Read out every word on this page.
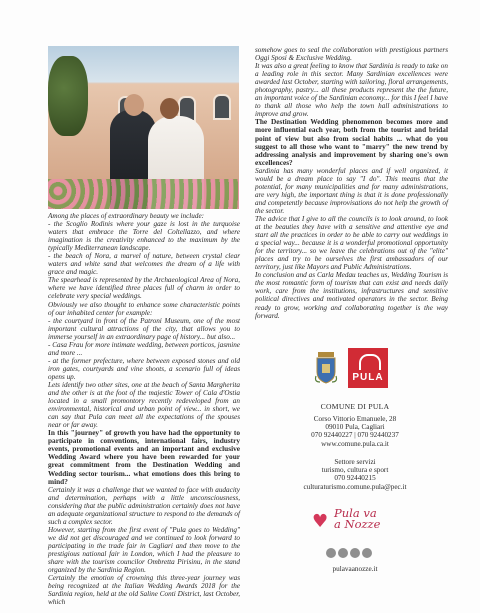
Among the places of extraordinary beauty we include:
- the Scoglio Rodinis where your gaze is lost in the turquoise waters that embrace the Torre del Coltellazzo, and where imagination is the creativity enhanced to the maximum by the typically Mediterranean landscape.

- the beach of Nora, a marvel of nature, between crystal clear waters and white sand that welcomes the dream of a life with grace and magic.

The spearhead is represented by the Archaeological Area of Nora, where we have identified three places full of charm in order to celebrate very special weddings.

Obviously we also thought to enhance some characteristic points of our inhabited center for example:

- the courtyard in front of the Patroni Museum, one of the most important cultural attractions of the city, that allows you to immerse yourself in an extraordinary page of history... but also...

- Casa Frau for more intimate wedding, between porticos, jasmine and more ...

- at the former prefecture, where between exposed stones and old iron gates, courtyards and vine shoots, a scenario full of ideas opens up.

Lets identify two other sites, one at the beach of Santa Margherita and the other is at the foot of the majestic Tower of Cala d'Ostia located in a small promontory recently redeveloped from an environmental, historical and urban point of view... in short, we can say that Pula can meet all the expectations of the spouses near or far away.

In this "journey" of growth you have had the opportunity to participate in conventions, international fairs, industry events, promotional events and an important and exclusive Wedding Award where you have been rewarded for your great commitment from the Destination Wedding and Wedding sector tourism... what emotions does this bring to mind?

Certainly it was a challenge that we wanted to face with audacity and determination, perhaps with a little unconsciousness, considering that the public administration certainly does not have an adequate organizational structure to respond to the demands of such a complex sector.

However, starting from the first event of "Pula goes to Wedding" we did not get discouraged and we continued to look forward to participating in the trade fair in Cagliari and then move to the prestigious national fair in London, which I had the pleasure to share with the tourism councilor Ombretta Pirisinu, in the stand organized by the Sardinia Region.

Certainly the emotion of crowning this three-year journey was being recognized at the Italian Wedding Awards 2018 for the Sardinia region, held at the old Saline Conti District, last October, which

somehow goes to seal the collaboration with prestigious partners Oggi Sposi & Exclusive Wedding.

It was also a great feeling to know that Sardinia is ready to take on a leading role in this sector. Many Sardinian excellences were awarded last October, starting with tailoring, floral arrangements, photography, pastry... all these products represent the the future, an important voice of the Sardinian economy... for this I feel I have to thank all those who help the town hall administrations to improve and grow.

The Destination Wedding phenomenon becomes more and more influential each year, both from the tourist and bridal point of view but also from social habits ... what do you suggest to all those who want to "marry" the new trend by addressing analysis and improvement by sharing one's own excellences?

Sardinia has many wonderful places and if well organized, it would be a dream place to say "I do". This means that the potential, for many municipalities and for many administrations, are very high, the important thing is that it is done professionally and competently because improvisations do not help the growth of the sector.

The advice that I give to all the councils is to look around, to look at the beauties they have with a sensitive and attentive eye and start all the practices in order to be able to carry out weddings in a special way... because it is a wonderful promotional opportunity for the territory... so we leave the celebrations out of the "elite" places and try to be ourselves the first ambassadors of our territory, just like Mayors and Public Administrations.

In conclusion and as Carla Medau teaches us, Wedding Tourism is the most romantic form of tourism that can exist and needs daily work, care from the institutions, infrastructures and sensitive political directives and motivated operators in the sector. Being ready to grow, working and collaborating together is the way forward.

PULA
COMUNE DI PULA
Corso Vittorio Emanuele, 28
09010 Pula, Cagliari
070 92440227 | 070 92440237
www.comune.pula.ca.it
Settore servizi
turismo, cultura e sport
070 92440215
culturaturismo.comune.pula@pec.it
♥ Pula va
a Nozze
pulavaanozze.it
